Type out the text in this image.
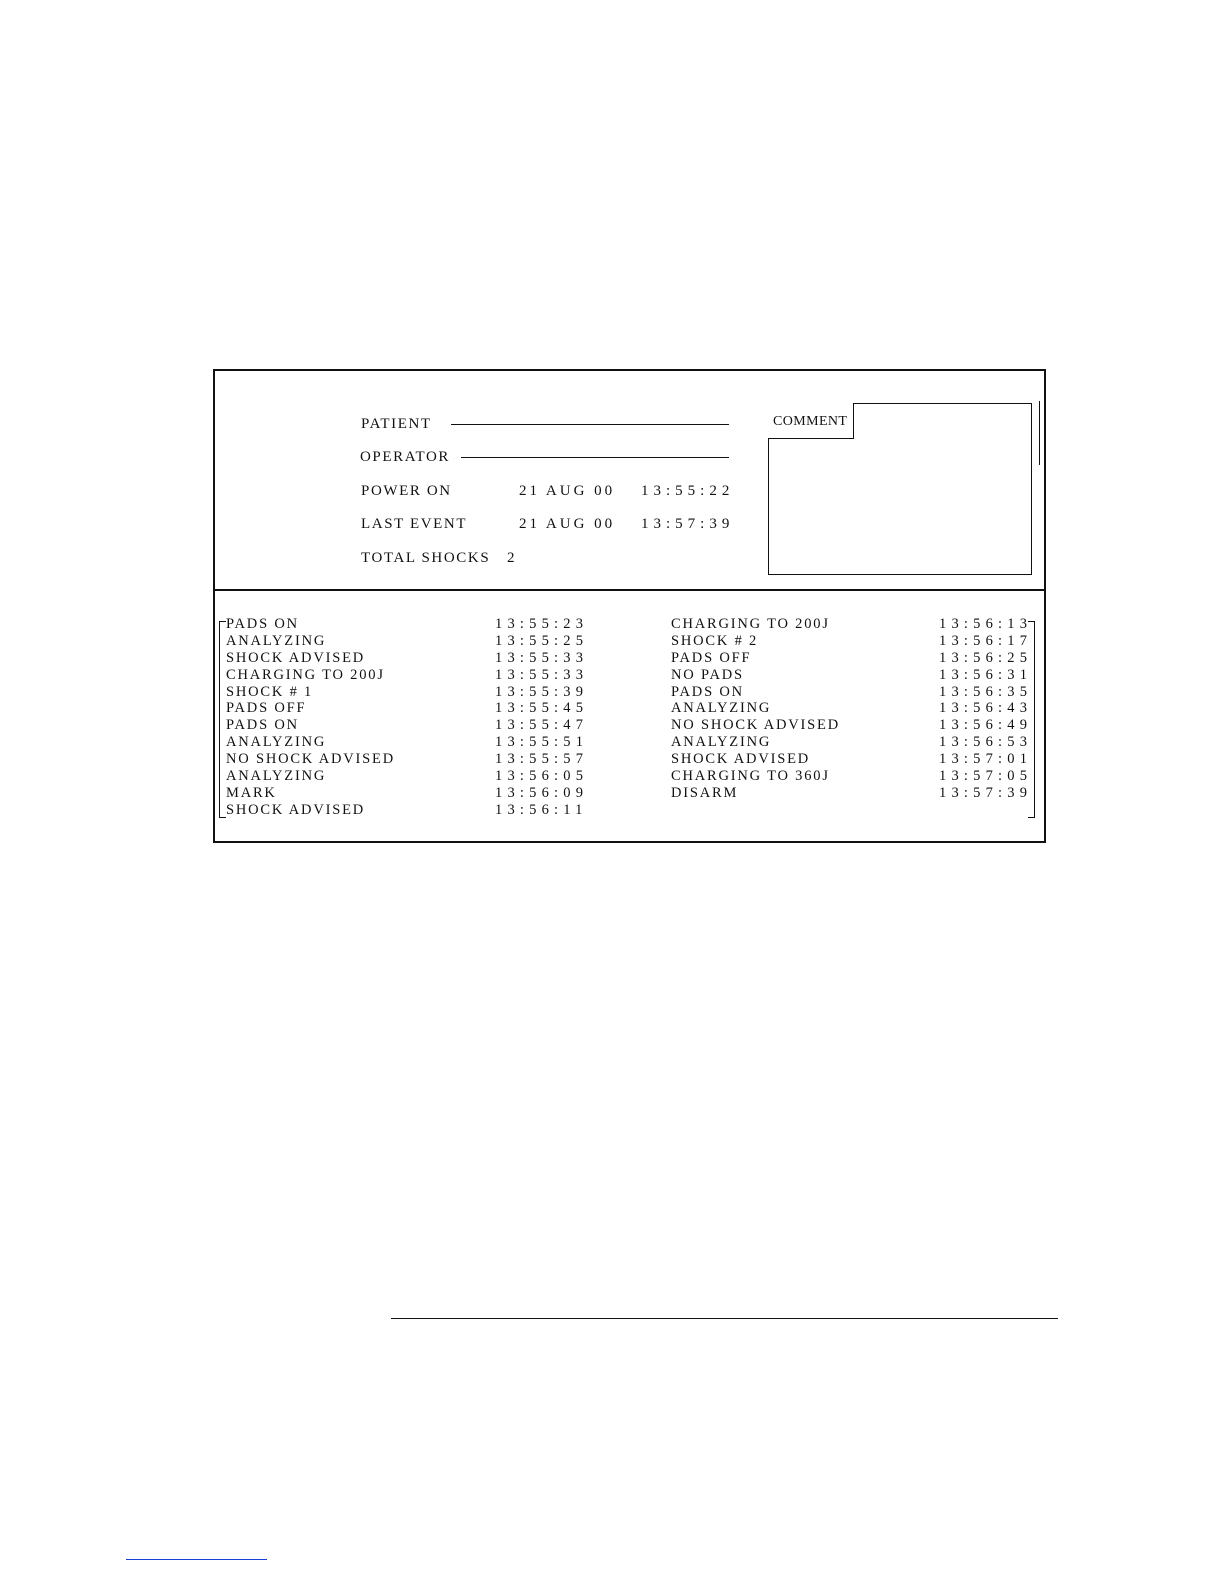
PATIENT
OPERATOR
POWER ON	21 AUG 00 13:55:22
LAST EVENT	21 AUG 00 13:57:39
TOTAL SHOCKS 2
COMMENT
PADS ON	13:55:23
ANALYZING	13:55:25
SHOCK ADVISED	13:55:33
CHARGING TO 200J	13:55:33
SHOCK # 1	13:55:39
PADS OFF	13:55:45
PADS ON	13:55:47
ANALYZING	13:55:51
NO SHOCK ADVISED	13:55:57
ANALYZING	13:56:05
MARK	13:56:09
SHOCK ADVISED	13:56:11
CHARGING TO 200J	13:56:13
SHOCK # 2	13:56:17
PADS OFF	13:56:25
NO PADS	13:56:31
PADS ON	13:56:35
ANALYZING	13:56:43
NO SHOCK ADVISED	13:56:49
ANALYZING	13:56:53
SHOCK ADVISED	13:57:01
CHARGING TO 360J	13:57:05
DISARM	13:57:39
